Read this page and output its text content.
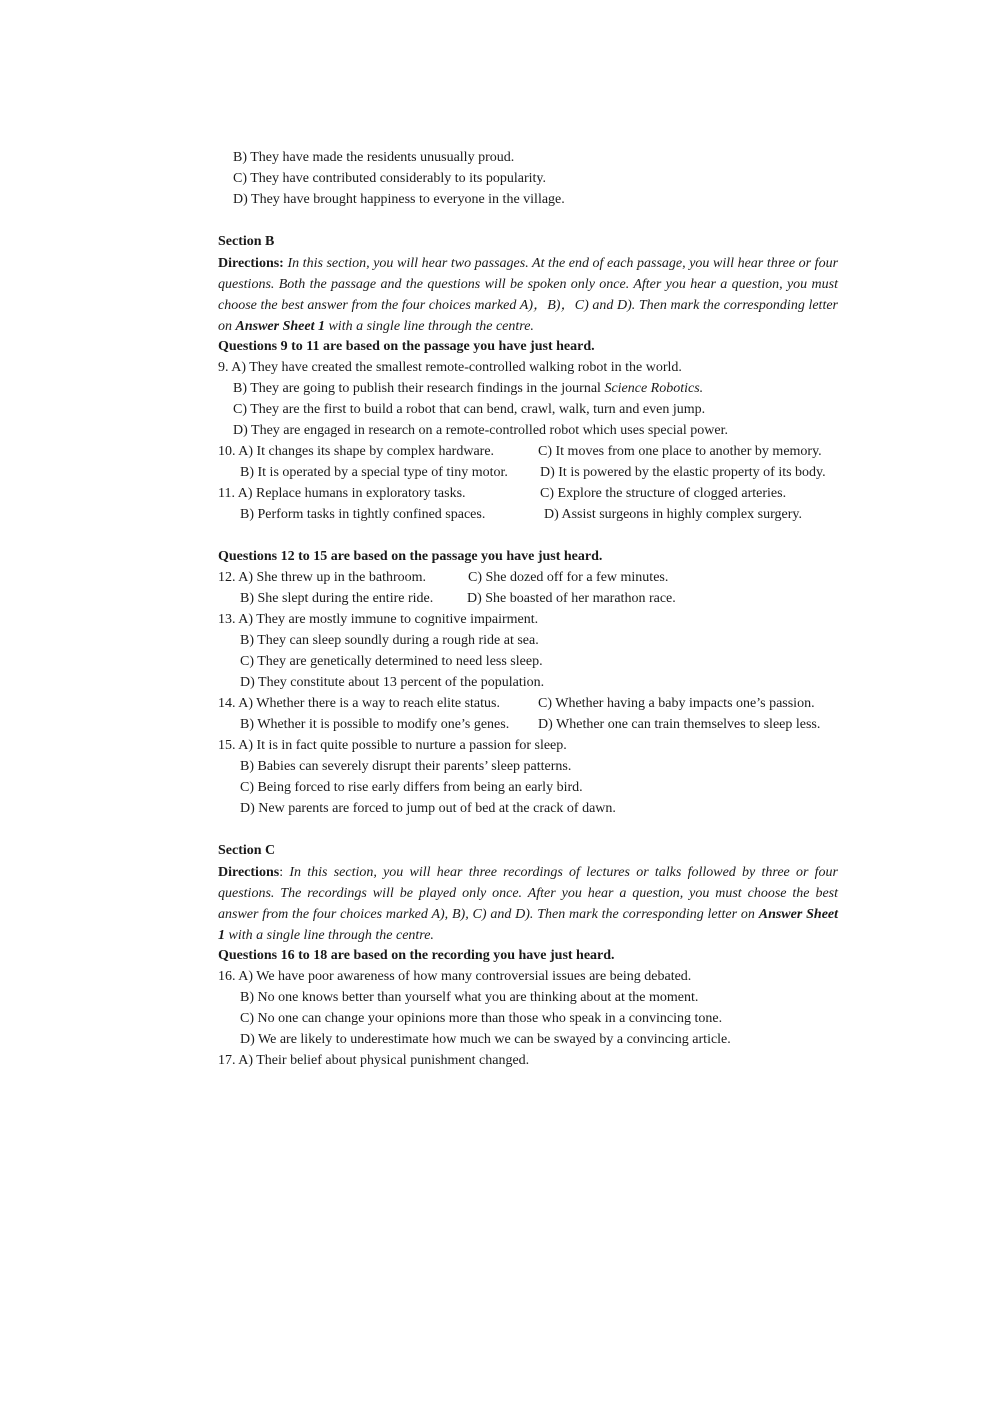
B) They have made the residents unusually proud.
C) They have contributed considerably to its popularity.
D) They have brought happiness to everyone in the village.
Section B
Directions: In this section, you will hear two passages. At the end of each passage, you will hear three or four questions. Both the passage and the questions will be spoken only once. After you hear a question, you must choose the best answer from the four choices marked A)，B)，C) and D). Then mark the corresponding letter on Answer Sheet 1 with a single line through the centre.
Questions 9 to 11 are based on the passage you have just heard.
9. A) They have created the smallest remote-controlled walking robot in the world.
B) They are going to publish their research findings in the journal Science Robotics.
C) They are the first to build a robot that can bend, crawl, walk, turn and even jump.
D) They are engaged in research on a remote-controlled robot which uses special power.
10. A) It changes its shape by complex hardware.	C) It moves from one place to another by memory.
B) It is operated by a special type of tiny motor. D) It is powered by the elastic property of its body.
11. A) Replace humans in exploratory tasks.	C) Explore the structure of clogged arteries.
B) Perform tasks in tightly confined spaces.	D) Assist surgeons in highly complex surgery.
Questions 12 to 15 are based on the passage you have just heard.
12. A) She threw up in the bathroom.	C) She dozed off for a few minutes.
B) She slept during the entire ride. D) She boasted of her marathon race.
13. A) They are mostly immune to cognitive impairment.
B) They can sleep soundly during a rough ride at sea.
C) They are genetically determined to need less sleep.
D) They constitute about 13 percent of the population.
14. A) Whether there is a way to reach elite status.	C) Whether having a baby impacts one’s passion.
B) Whether it is possible to modify one’s genes. D) Whether one can train themselves to sleep less.
15. A) It is in fact quite possible to nurture a passion for sleep.
B) Babies can severely disrupt their parents’ sleep patterns.
C) Being forced to rise early differs from being an early bird.
D) New parents are forced to jump out of bed at the crack of dawn.
Section C
Directions: In this section, you will hear three recordings of lectures or talks followed by three or four questions. The recordings will be played only once. After you hear a question, you must choose the best answer from the four choices marked A), B), C) and D). Then mark the corresponding letter on Answer Sheet 1 with a single line through the centre.
Questions 16 to 18 are based on the recording you have just heard.
16. A) We have poor awareness of how many controversial issues are being debated.
B) No one knows better than yourself what you are thinking about at the moment.
C) No one can change your opinions more than those who speak in a convincing tone.
D) We are likely to underestimate how much we can be swayed by a convincing article.
17. A) Their belief about physical punishment changed.
